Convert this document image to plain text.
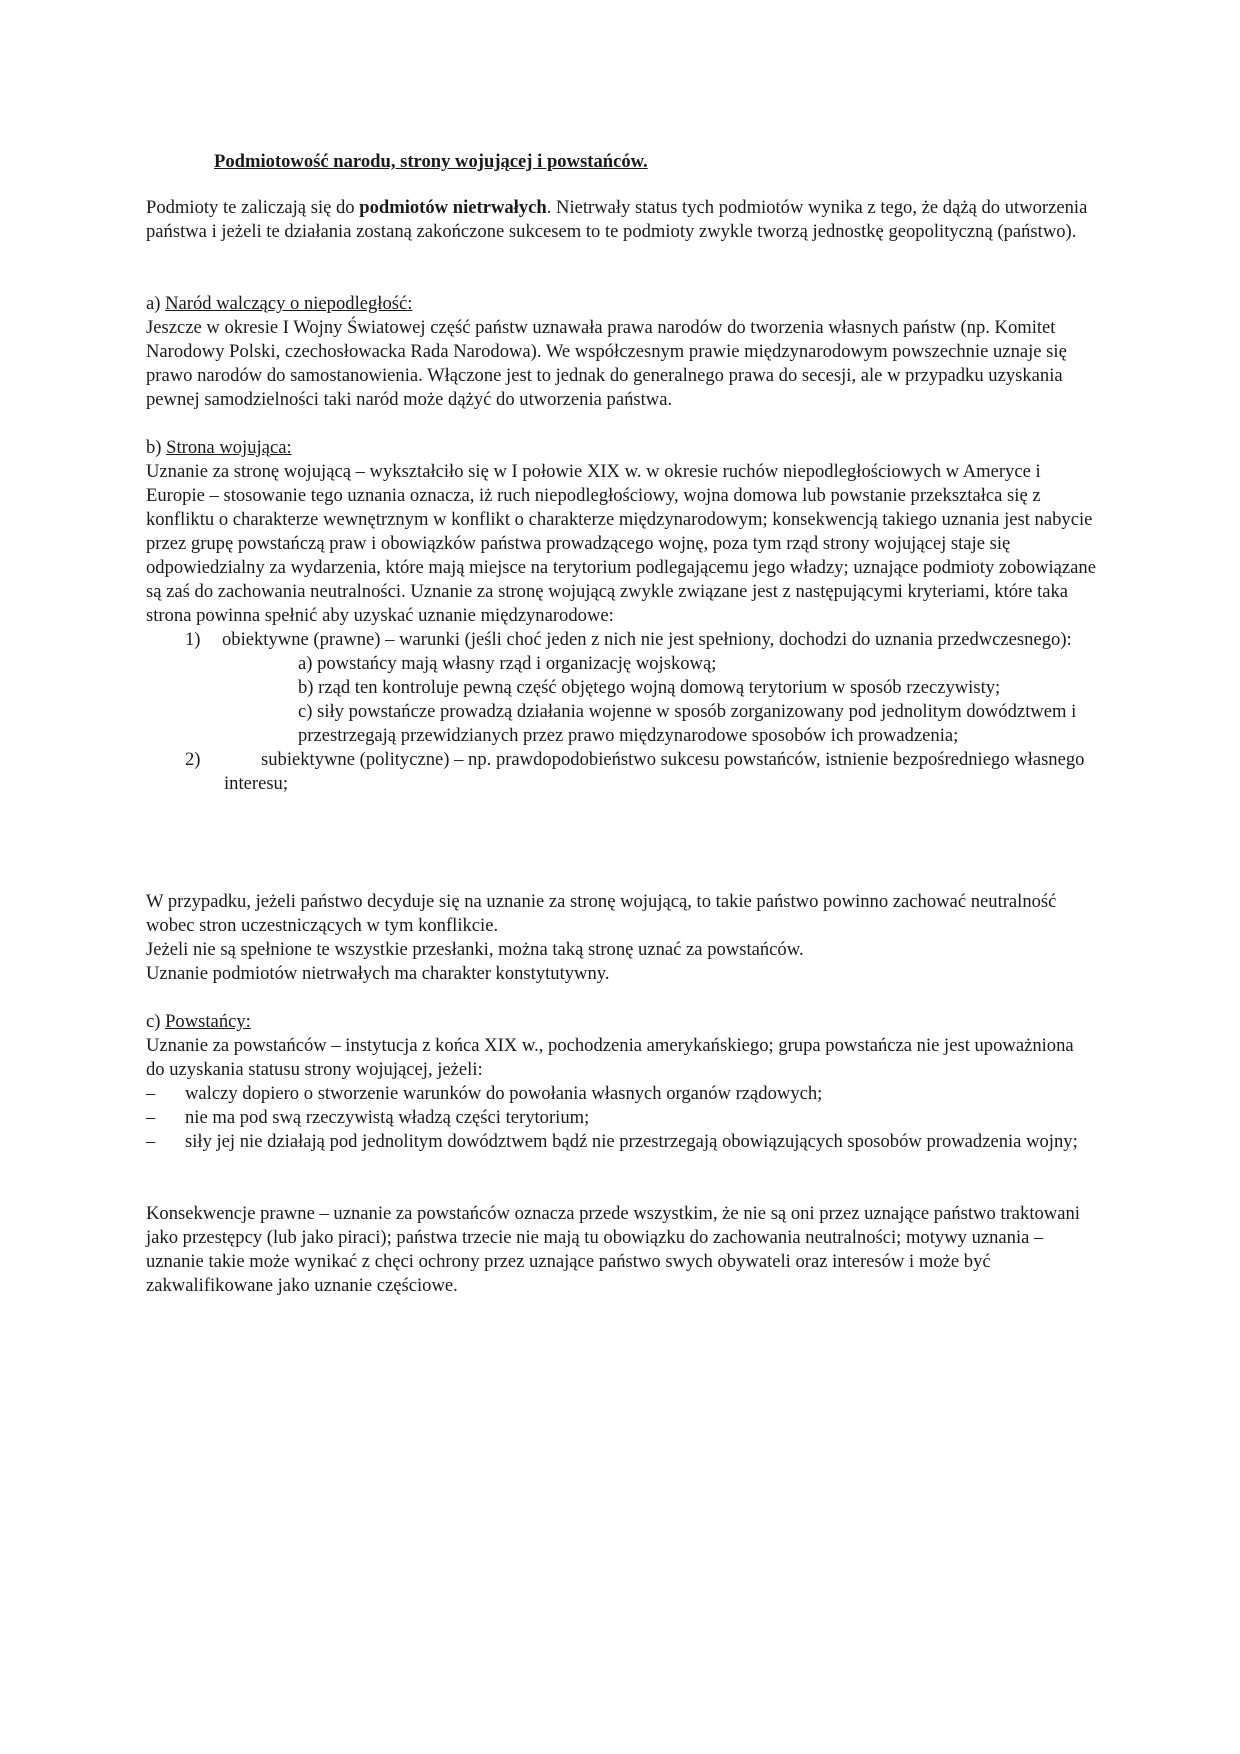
Podmiotowość narodu, strony wojującej i powstańców.

Podmioty te zaliczają się do podmiotów nietrwałych. Nietrwały status tych podmiotów wynika z tego, że dążą do utworzenia państwa i jeżeli te działania zostaną zakończone sukcesem to te podmioty zwykle tworzą jednostkę geopolityczną (państwo).

a) Naród walczący o niepodległość:

Jeszcze w okresie I Wojny Światowej część państw uznawała prawa narodów do tworzenia własnych państw (np. Komitet Narodowy Polski, czechosłowacka Rada Narodowa). We współczesnym prawie międzynarodowym powszechnie uznaje się prawo narodów do samostanowienia. Włączone jest to jednak do generalnego prawa do secesji, ale w przypadku uzyskania pewnej samodzielności taki naród może dążyć do utworzenia państwa.

b) Strona wojująca:

Uznanie za stronę wojującą – wykształciło się w I połowie XIX w. w okresie ruchów niepodległościowych w Ameryce i Europie – stosowanie tego uznania oznacza, iż ruch niepodległościowy, wojna domowa lub powstanie przekształca się z konfliktu o charakterze wewnętrznym w konflikt o charakterze międzynarodowym; konsekwencją takiego uznania jest nabycie przez grupę powstańczą praw i obowiązków państwa prowadzącego wojnę, poza tym rząd strony wojującej staje się odpowiedzialny za wydarzenia, które mają miejsce na terytorium podlegającemu jego władzy; uznające podmioty zobowiązane są zaś do zachowania neutralności. Uznanie za stronę wojującą zwykle związane jest z następującymi kryteriami, które taka strona powinna spełnić aby uzyskać uznanie międzynarodowe:

1)	obiektywne (prawne) – warunki (jeśli choć jeden z nich nie jest spełniony, dochodzi do uznania przedwczesnego):
a) powstańcy mają własny rząd i organizację wojskową;
b) rząd ten kontroluje pewną część objętego wojną domową terytorium w sposób rzeczywisty;
c) siły powstańcze prowadzą działania wojenne w sposób zorganizowany pod jednolitym dowództwem i przestrzegają przewidzianych przez prawo międzynarodowe sposobów ich prowadzenia;
2)	subiektywne (polityczne) – np. prawdopodobieństwo sukcesu powstańców, istnienie bezpośredniego własnego interesu;

W przypadku, jeżeli państwo decyduje się na uznanie za stronę wojującą, to takie państwo powinno zachować neutralność wobec stron uczestniczących w tym konflikcie.

Jeżeli nie są spełnione te wszystkie przesłanki, można taką stronę uznać za powstańców.

Uznanie podmiotów nietrwałych ma charakter konstytutywny.

c) Powstańcy:

Uznanie za powstańców – instytucja z końca XIX w., pochodzenia amerykańskiego; grupa powstańcza nie jest upoważniona do uzyskania statusu strony wojującej, jeżeli:

– walczy dopiero o stworzenie warunków do powołania własnych organów rządowych;
– nie ma pod swą rzeczywistą władzą części terytorium;
– siły jej nie działają pod jednolitym dowództwem bądź nie przestrzegają obowiązujących sposobów prowadzenia wojny;

Konsekwencje prawne – uznanie za powstańców oznacza przede wszystkim, że nie są oni przez uznające państwo traktowani jako przestępcy (lub jako piraci); państwa trzecie nie mają tu obowiązku do zachowania neutralności; motywy uznania – uznanie takie może wynikać z chęci ochrony przez uznające państwo swych obywateli oraz interesów i może być zakwalifikowane jako uznanie częściowe.
